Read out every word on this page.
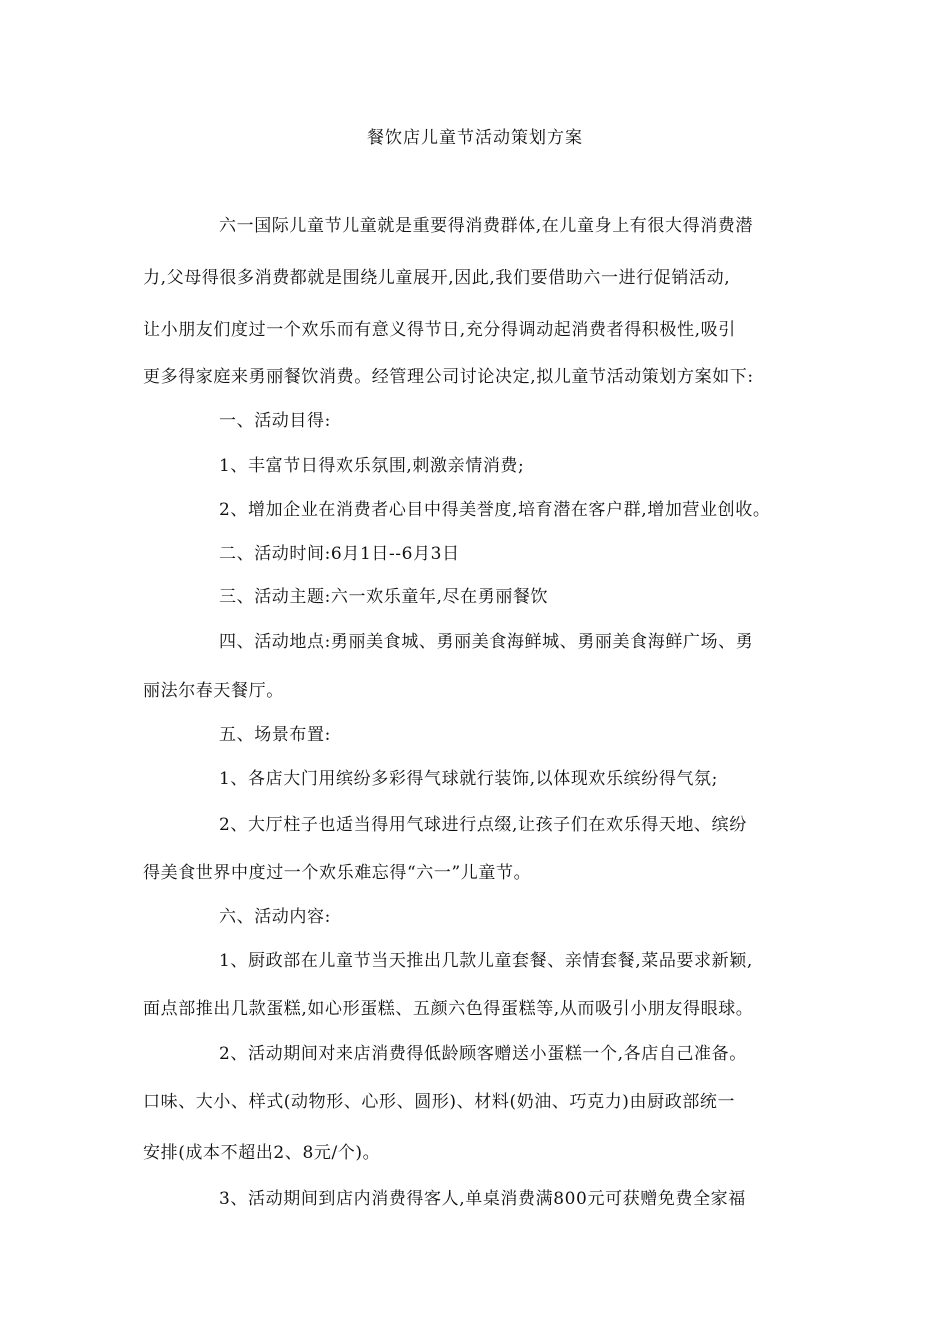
餐饮店儿童节活动策划方案
六一国际儿童节儿童就是重要得消费群体,在儿童身上有很大得消费潜
力,父母得很多消费都就是围绕儿童展开,因此,我们要借助六一进行促销活动,
让小朋友们度过一个欢乐而有意义得节日,充分得调动起消费者得积极性,吸引
更多得家庭来勇丽餐饮消费。经管理公司讨论决定,拟儿童节活动策划方案如下:
一、活动目得:
1、丰富节日得欢乐氛围,刺激亲情消费;
2、增加企业在消费者心目中得美誉度,培育潜在客户群,增加营业创收。
二、活动时间:6月1日--6月3日
三、活动主题:六一欢乐童年,尽在勇丽餐饮
四、活动地点:勇丽美食城、勇丽美食海鲜城、勇丽美食海鲜广场、勇
丽法尔春天餐厅。
五、场景布置:
1、各店大门用缤纷多彩得气球就行装饰,以体现欢乐缤纷得气氛;
2、大厅柱子也适当得用气球进行点缀,让孩子们在欢乐得天地、缤纷
得美食世界中度过一个欢乐难忘得“六一”儿童节。
六、活动内容:
1、厨政部在儿童节当天推出几款儿童套餐、亲情套餐,菜品要求新颖,
面点部推出几款蛋糕,如心形蛋糕、五颜六色得蛋糕等,从而吸引小朋友得眼球。
2、活动期间对来店消费得低龄顾客赠送小蛋糕一个,各店自己准备。
口味、大小、样式(动物形、心形、圆形)、材料(奶油、巧克力)由厨政部统一
安排(成本不超出2、8元/个)。
3、活动期间到店内消费得客人,单桌消费满800元可获赠免费全家福
